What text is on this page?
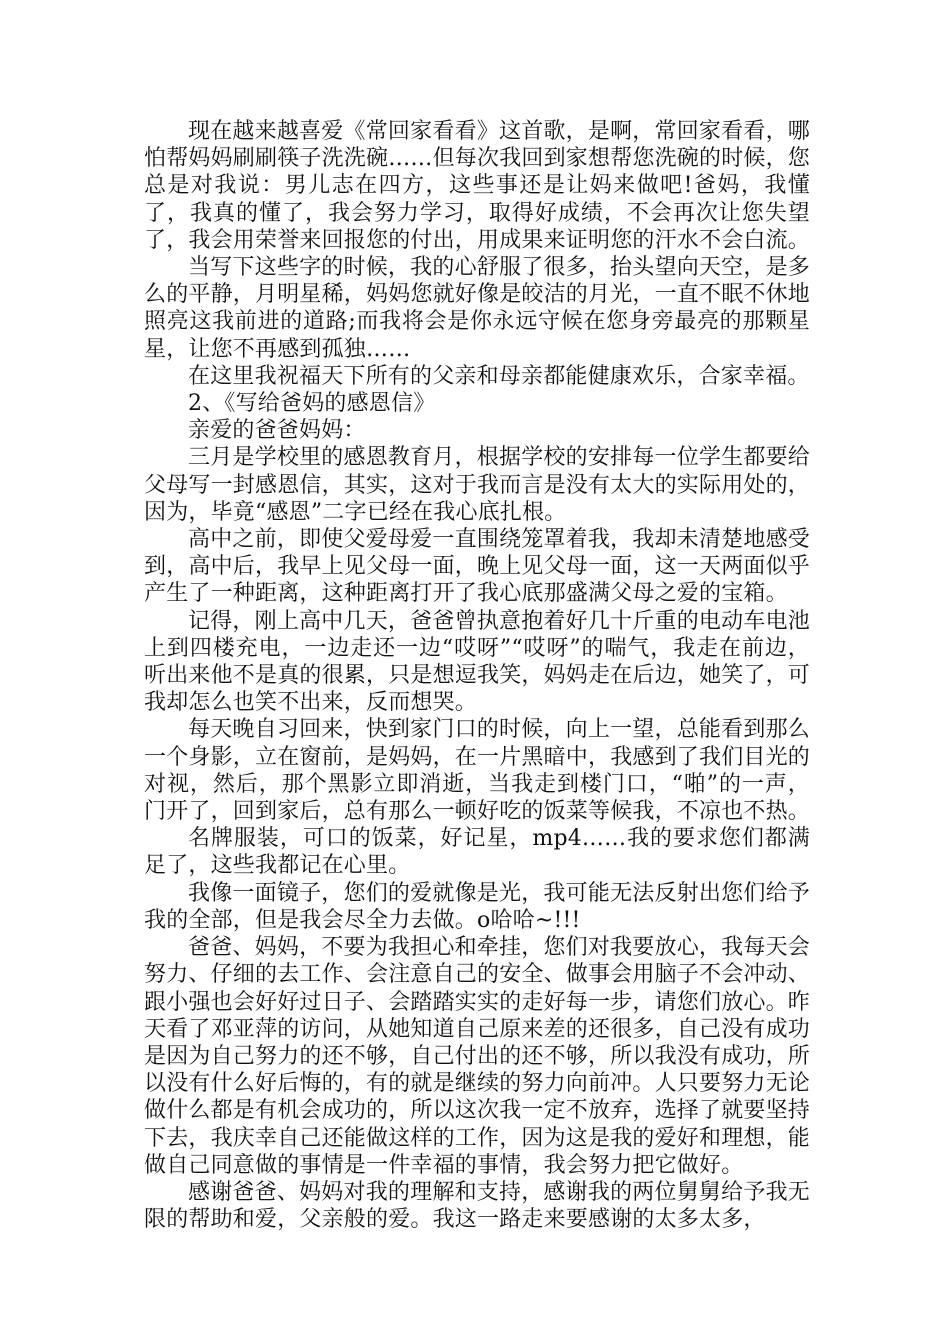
现在越来越喜爱《常回家看看》这首歌，是啊，常回家看看，哪怕帮妈妈刷刷筷子洗洗碗……但每次我回到家想帮您洗碗的时候，您总是对我说：男儿志在四方，这些事还是让妈来做吧!爸妈，我懂了，我真的懂了，我会努力学习，取得好成绩，不会再次让您失望了，我会用荣誉来回报您的付出，用成果来证明您的汗水不会白流。

当写下这些字的时候，我的心舒服了很多，抬头望向天空，是多么的平静，月明星稀，妈妈您就好像是皎洁的月光，一直不眠不休地照亮这我前进的道路;而我将会是你永远守候在您身旁最亮的那颗星星，让您不再感到孤独……

在这里我祝福天下所有的父亲和母亲都能健康欢乐，合家幸福。

2、《写给爸妈的感恩信》

亲爱的爸爸妈妈：

三月是学校里的感恩教育月，根据学校的安排每一位学生都要给父母写一封感恩信，其实，这对于我而言是没有太大的实际用处的，因为，毕竟“感恩”二字已经在我心底扎根。

高中之前，即使父爱母爱一直围绕笼罩着我，我却未清楚地感受到，高中后，我早上见父母一面，晚上见父母一面，这一天两面似乎产生了一种距离，这种距离打开了我心底那盛满父母之爱的宝箱。

记得，刚上高中几天，爸爸曾执意抱着好几十斤重的电动车电池上到四楼充电，一边走还一边“哎呀”“哎呀”的喘气，我走在前边，听出来他不是真的很累，只是想逗我笑，妈妈走在后边，她笑了，可我却怎么也笑不出来，反而想哭。

每天晚自习回来，快到家门口的时候，向上一望，总能看到那么一个身影，立在窗前，是妈妈，在一片黑暗中，我感到了我们目光的对视，然后，那个黑影立即消逝，当我走到楼门口，“啪”的一声，门开了，回到家后，总有那么一顿好吃的饭菜等候我，不凉也不热。

名牌服装，可口的饭菜，好记星，mp4……我的要求您们都满足了，这些我都记在心里。

我像一面镜子，您们的爱就像是光，我可能无法反射出您们给予我的全部，但是我会尽全力去做。o哈哈~!!!

爸爸、妈妈，不要为我担心和牵挂，您们对我要放心，我每天会努力、仔细的去工作、会注意自己的安全、做事会用脑子不会冲动、跟小强也会好好过日子、会踏踏实实的走好每一步，请您们放心。昨天看了邓亚萍的访问，从她知道自己原来差的还很多，自己没有成功是因为自己努力的还不够，自己付出的还不够，所以我没有成功，所以没有什么好后悔的，有的就是继续的努力向前冲。人只要努力无论做什么都是有机会成功的，所以这次我一定不放弃，选择了就要坚持下去，我庆幸自己还能做这样的工作，因为这是我的爱好和理想，能做自己同意做的事情是一件幸福的事情，我会努力把它做好。

感谢爸爸、妈妈对我的理解和支持，感谢我的两位舅舅给予我无限的帮助和爱，父亲般的爱。我这一路走来要感谢的太多太多，
